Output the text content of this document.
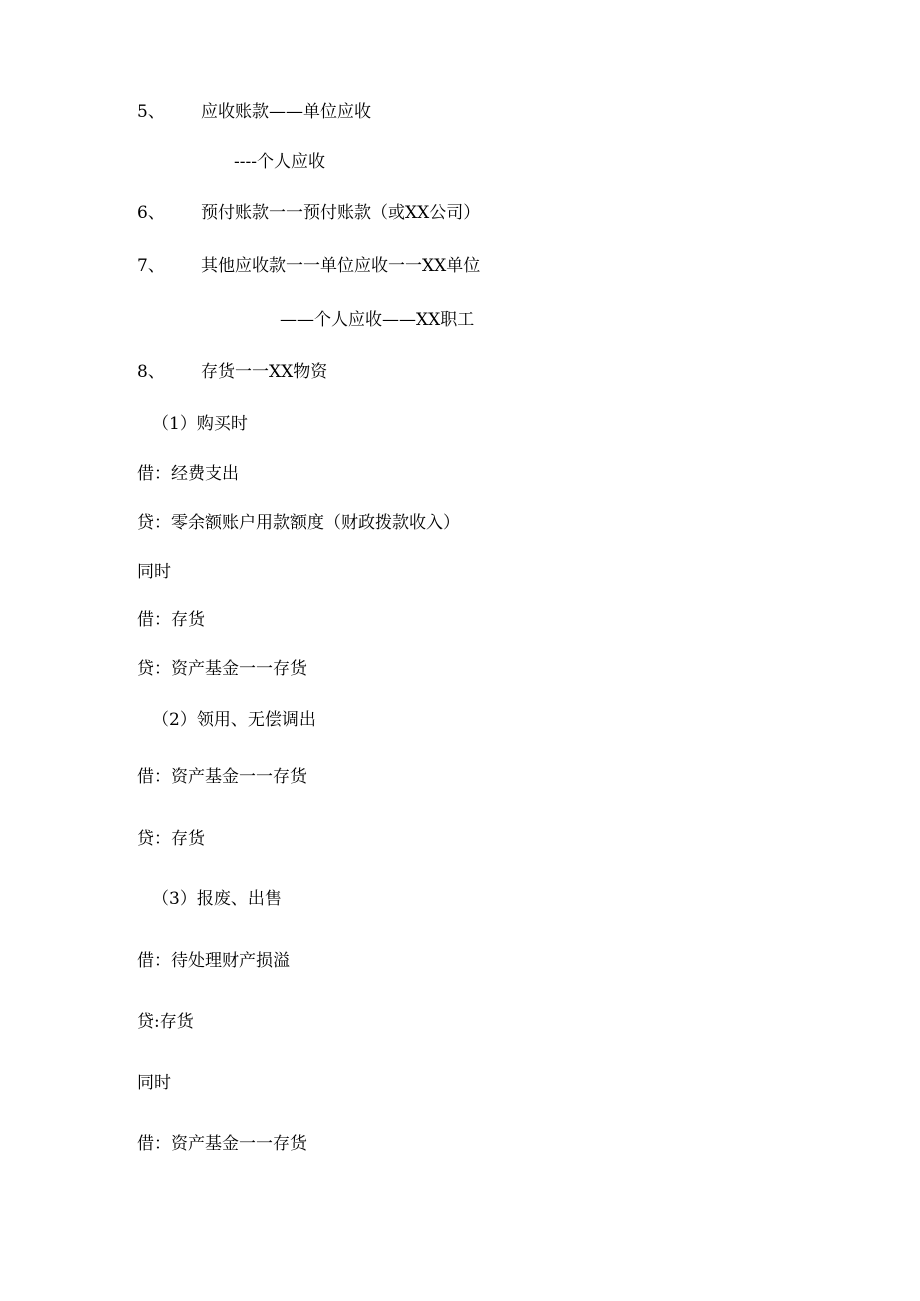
5、 应收账款——单位应收
----个人应收
6、 预付账款一一预付账款（或XX公司）
7、 其他应收款一一单位应收一一XX单位
——个人应收——XX职工
8、 存货一一XX物资
（1）购买时
借：经费支出
贷：零余额账户用款额度（财政拨款收入）
同时
借：存货
贷：资产基金一一存货
（2）领用、无偿调出
借：资产基金一一存货
贷：存货
（3）报废、出售
借：待处理财产损溢
贷:存货
同时
借：资产基金一一存货
